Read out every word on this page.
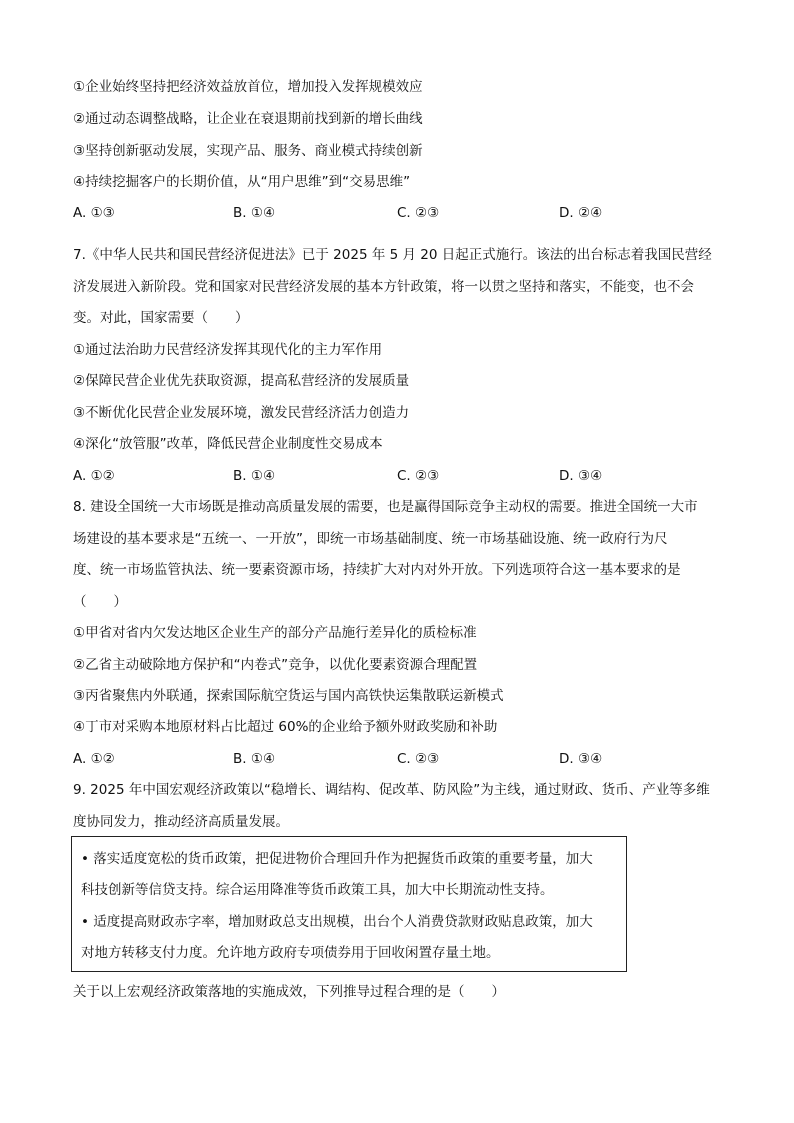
①企业始终坚持把经济效益放首位，增加投入发挥规模效应
②通过动态调整战略，让企业在衰退期前找到新的增长曲线
③坚持创新驱动发展，实现产品、服务、商业模式持续创新
④持续挖掘客户的长期价值，从“用户思维”到“交易思维”
A. ①③	B. ①④	C. ②③	D. ②④
7.《中华人民共和国民营经济促进法》已于 2025 年 5 月 20 日起正式施行。该法的出台标志着我国民营经
济发展进入新阶段。党和国家对民营经济发展的基本方针政策，将一以贯之坚持和落实，不能变，也不会
变。对此，国家需要（　　）
①通过法治助力民营经济发挥其现代化的主力军作用
②保障民营企业优先获取资源，提高私营经济的发展质量
③不断优化民营企业发展环境，激发民营经济活力创造力
④深化“放管服”改革，降低民营企业制度性交易成本
A. ①②	B. ①④	C. ②③	D. ③④
8. 建设全国统一大市场既是推动高质量发展的需要，也是赢得国际竞争主动权的需要。推进全国统一大市
场建设的基本要求是“五统一、一开放”，即统一市场基础制度、统一市场基础设施、统一政府行为尺
度、统一市场监管执法、统一要素资源市场，持续扩大对内对外开放。下列选项符合这一基本要求的是
（　　）
①甲省对省内欠发达地区企业生产的部分产品施行差异化的质检标准
②乙省主动破除地方保护和“内卷式”竞争，以优化要素资源合理配置
③丙省聚焦内外联通，探索国际航空货运与国内高铁快运集散联运新模式
④丁市对采购本地原材料占比超过 60%的企业给予额外财政奖励和补助
A. ①②	B. ①④	C. ②③	D. ③④
9. 2025 年中国宏观经济政策以“稳增长、调结构、促改革、防风险”为主线，通过财政、货币、产业等多维
度协同发力，推动经济高质量发展。
• 落实适度宽松的货币政策，把促进物价合理回升作为把握货币政策的重要考量，加大
科技创新等信贷支持。综合运用降准等货币政策工具，加大中长期流动性支持。
• 适度提高财政赤字率，增加财政总支出规模，出台个人消费贷款财政贴息政策，加大
对地方转移支付力度。允许地方政府专项债券用于回收闲置存量土地。
关于以上宏观经济政策落地的实施成效，下列推导过程合理的是（　　）
